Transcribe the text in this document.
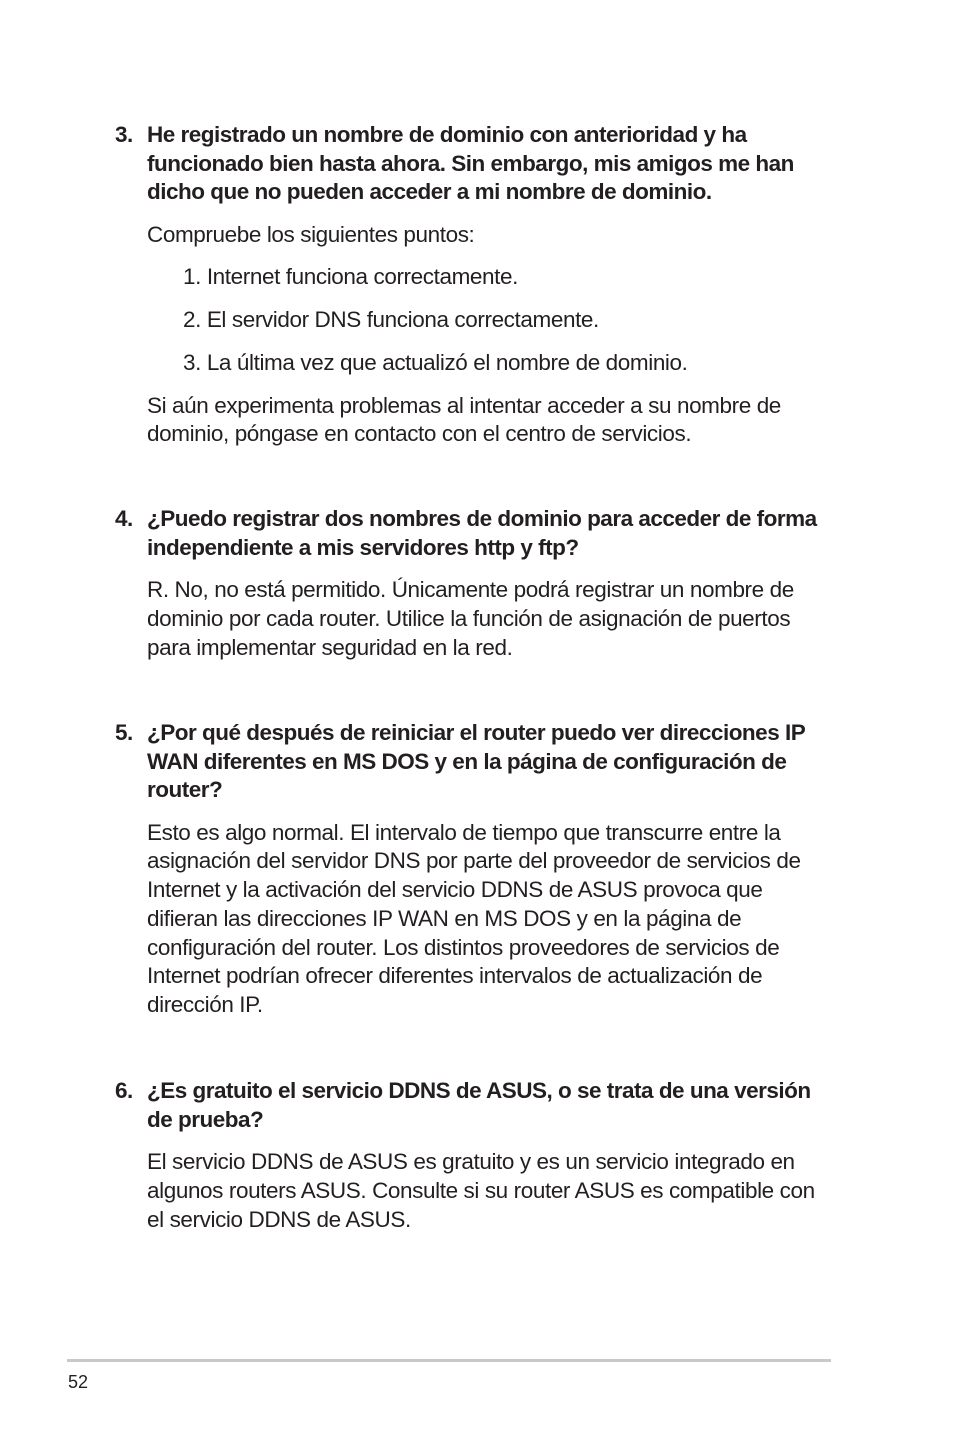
3. He registrado un nombre de dominio con anterioridad y ha funcionado bien hasta ahora. Sin embargo, mis amigos me han dicho que no pueden acceder a mi nombre de dominio.

Compruebe los siguientes puntos:

1. Internet funciona correctamente.

2. El servidor DNS funciona correctamente.

3. La última vez que actualizó el nombre de dominio.

Si aún experimenta problemas al intentar acceder a su nombre de dominio, póngase en contacto con el centro de servicios.

4. ¿Puedo registrar dos nombres de dominio para acceder de forma independiente a mis servidores http y ftp?

R. No, no está permitido. Únicamente podrá registrar un nombre de dominio por cada router. Utilice la función de asignación de puertos para implementar seguridad en la red.

5. ¿Por qué después de reiniciar el router puedo ver direcciones IP WAN diferentes en MS DOS y en la página de configuración de router?

Esto es algo normal. El intervalo de tiempo que transcurre entre la asignación del servidor DNS por parte del proveedor de servicios de Internet y la activación del servicio DDNS de ASUS provoca que difieran las direcciones IP WAN en MS DOS y en la página de configuración del router. Los distintos proveedores de servicios de Internet podrían ofrecer diferentes intervalos de actualización de dirección IP.

6. ¿Es gratuito el servicio DDNS de ASUS, o se trata de una versión de prueba?

El servicio DDNS de ASUS es gratuito y es un servicio integrado en algunos routers ASUS. Consulte si su router ASUS es compatible con el servicio DDNS de ASUS.

52
